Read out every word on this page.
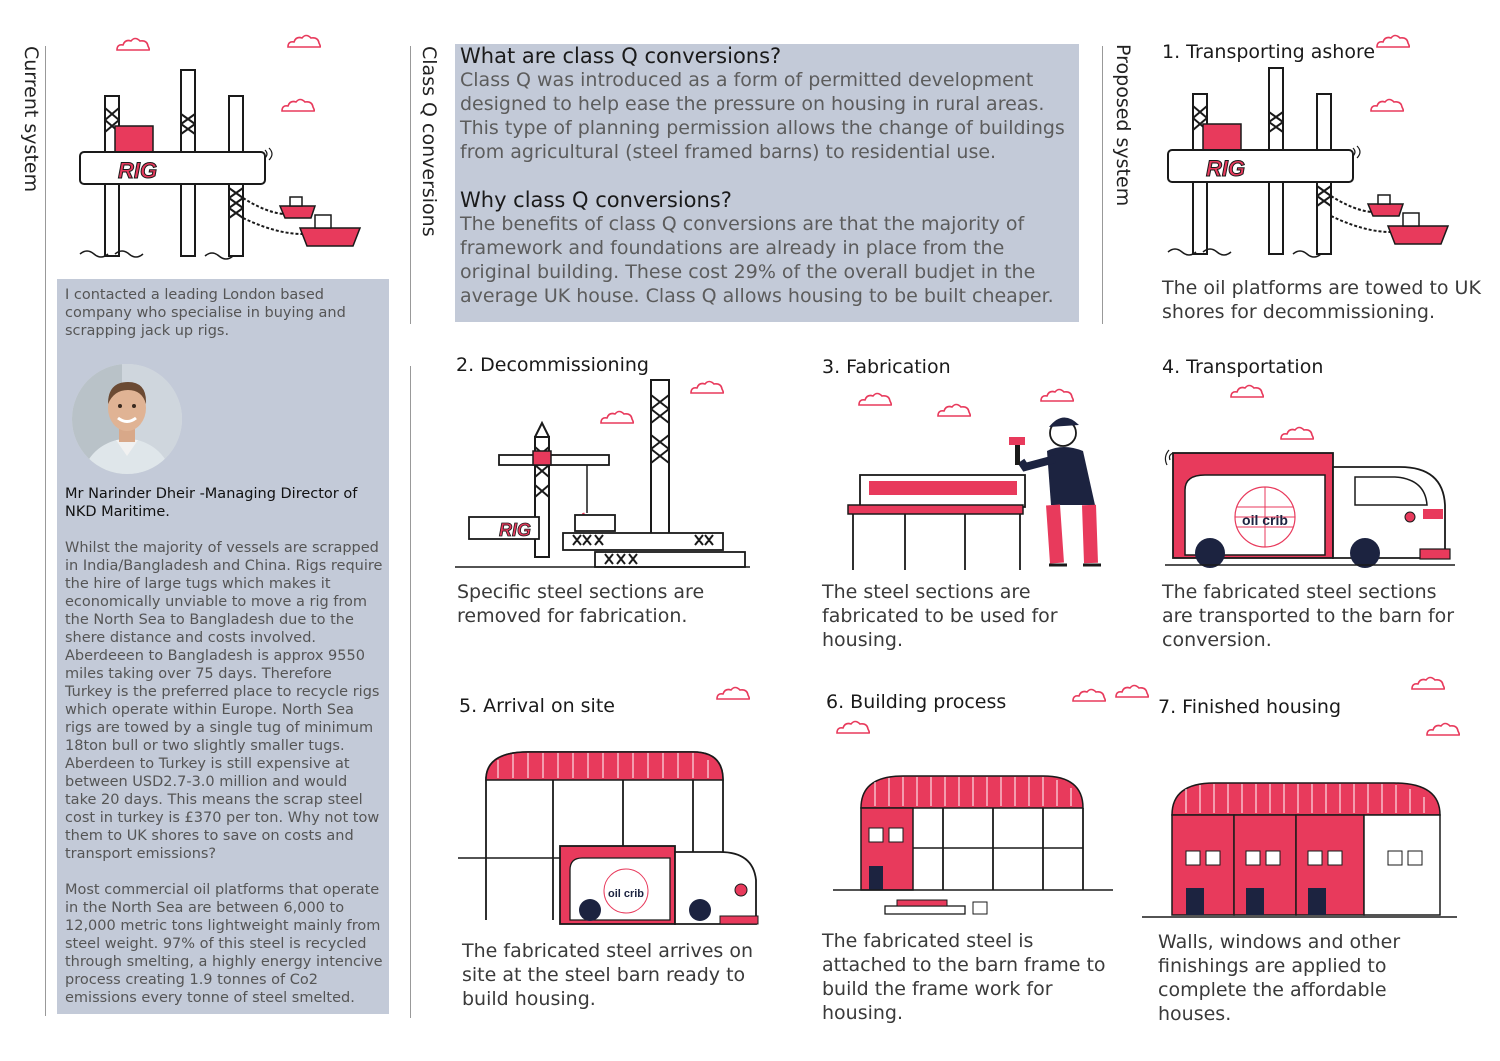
Current system	Class Q conversions	Proposed system
What are class Q conversions?
Class Q was introduced as a form of permitted development designed to help ease the pressure on housing in rural areas. This type of planning permission allows the change of buildings from agricultural (steel framed barns) to residential use.
Why class Q conversions?
The benefits of class Q conversions are that the majority of framework and foundations are already in place from the original building. These cost 29% of the overall budjet in the average UK house. Class Q allows housing to be built cheaper.
I contacted a leading London based company who specialise in buying and scrapping jack up rigs.
Mr Narinder Dheir -Managing Director of NKD Maritime.
Whilst the majority of vessels are scrapped in India/Bangladesh and China. Rigs require the hire of large tugs which makes it economically unviable to move a rig from the North Sea to Bangladesh due to the shere distance and costs involved. Aberdeeen to Bangladesh is approx 9550 miles taking over 75 days. Therefore Turkey is the preferred place to recycle rigs which operate within Europe. North Sea rigs are towed by a single tug of minimum 18ton bull or two slightly smaller tugs. Aberdeen to Turkey is still expensive at between USD2.7-3.0 million and would take 20 days. This means the scrap steel cost in turkey is £370 per ton. Why not tow them to UK shores to save on costs and transport emissions?
Most commercial oil platforms that operate in the North Sea are between 6,000 to 12,000 metric tons lightweight mainly from steel weight. 97% of this steel is recycled through smelting, a highly energy intencive process creating 1.9 tonnes of Co2 emissions every tonne of steel smelted.
1. Transporting ashore
2. Decommissioning	3. Fabrication	4. Transportation
5. Arrival on site	6. Building process	7. Finished housing
The oil platforms are towed to UK shores for decommissioning.
Specific steel sections are removed for fabrication.
The steel sections are fabricated to be used for housing.
The fabricated steel sections are transported to the barn for conversion.
The fabricated steel arrives on site at the steel barn ready to build housing.
The fabricated steel is attached to the barn frame to build the frame work for housing.
Walls, windows and other finishings are applied to complete the affordable houses.
RIG	RIG
RIG	oil crib
oil crib
